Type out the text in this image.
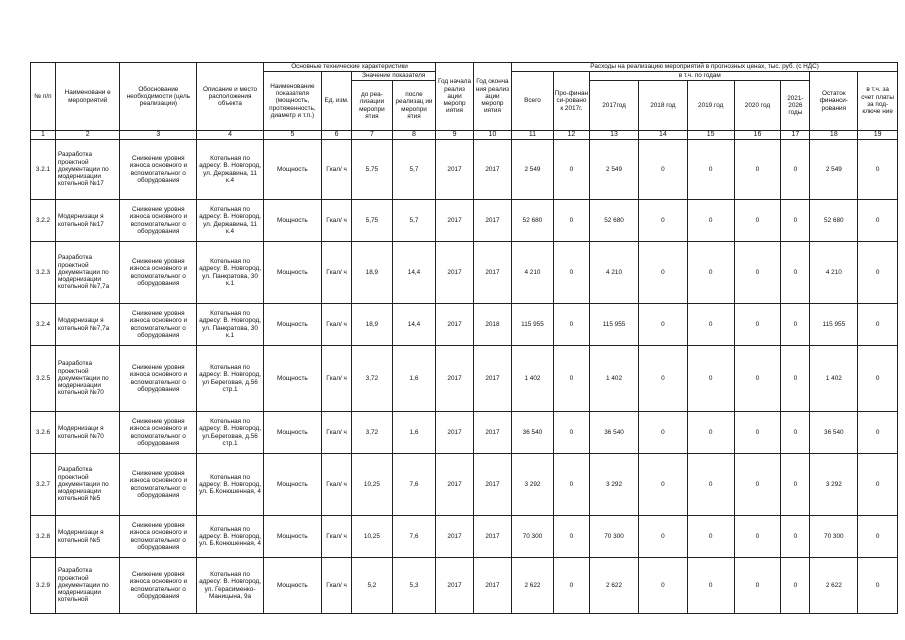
№ п/п	Наименовани е мероприятий	Обоснование необходимости (цель реализации)	Описание и место расположения объекта	Основные технические характеристики				Год начала реализ ации меропр иятия	Год оконча ния реализ ации меропр иятия	Расходы на реализацию мероприятий в прогнозных ценах, тыс. руб. (с НДС)								
				Наименование показателя (мощность, протяженность, диаметр и т.п.)	Ед. изм.	Значение показателя				Всего	Про-финан си-ровано к 2017г.	в т.ч. по годам					Остаток финанси-рования	в т.ч. за счет платы за под-ключе ние
						до реа-лизации меропри ятия	после реализац ии меропри ятия					2017год	2018 год	2019 год	2020 год	2021-2026 годы		

1	2	3	4	5	6	7	8	9	10	11	12	13	14	15	16	17	18	19
3.2.1	Разработка проектной документации по модернизации котельной №17	Снижение уровня износа основного и вспомогательног о оборудования	Котельная по адресу: В. Новгород, ул. Державина, 11 к.4	Мощность	Гкал/ ч	5,75	5,7	2017	2017	2 549	0	2 549	0	0	0	0	2 549	0
3.2.2	Модернизаци я котельной №17	Снижение уровня износа основного и вспомогательног о оборудования	Котельная по адресу: В. Новгород, ул. Державина, 11 к.4	Мощность	Гкал/ ч	5,75	5,7	2017	2017	52 680	0	52 680	0	0	0	0	52 680	0
3.2.3	Разработка проектной документации по модернизации котельной №7,7а	Снижение уровня износа основного и вспомогательног о оборудования	Котельная по адресу: В. Новгород, ул. Панкратова, 30 к.1	Мощность	Гкал/ ч	18,9	14,4	2017	2017	4 210	0	4 210	0	0	0	0	4 210	0
3.2.4	Модернизаци я котельной №7,7а	Снижение уровня износа основного и вспомогательног о оборудования	Котельная по адресу: В. Новгород, ул. Панкратова, 30 к.1	Мощность	Гкал/ ч	18,9	14,4	2017	2018	115 955	0	115 955	0	0	0	0	115 955	0
3.2.5	Разработка проектной документации по модернизации котельной №70	Снижение уровня износа основного и вспомогательног о оборудования	Котельная по адресу: В. Новгород, ул Береговая, д.56 стр.1	Мощность	Гкал/ ч	3,72	1,6	2017	2017	1 402	0	1 402	0	0	0	0	1 402	0
3.2.6	Модернизаци я котельной №70	Снижение уровня износа основного и вспомогательног о оборудования	Котельная по адресу: В. Новгород, ул.Береговая, д.56 стр.1	Мощность	Гкал/ ч	3,72	1,6	2017	2017	36 540	0	36 540	0	0	0	0	36 540	0
3.2.7	Разработка проектной документации по модернизации котельной №5	Снижение уровня износа основного и вспомогательног о оборудования	Котельная по адресу: В. Новгород, ул. Б.Конюшенная, 4	Мощность	Гкал/ ч	10,25	7,6	2017	2017	3 292	0	3 292	0	0	0	0	3 292	0
3.2.8	Модернизаци я котельной №5	Снижение уровня износа основного и вспомогательног о оборудования	Котельная по адресу: В. Новгород, ул. Б.Конюшенная, 4	Мощность	Гкал/ ч	10,25	7,6	2017	2017	70 300	0	70 300	0	0	0	0	70 300	0
3.2.9	Разработка проектной документации по модернизации котельной	Снижение уровня износа основного и вспомогательног о оборудования	Котельная по адресу: В. Новгород, ул. Герасименко-Маницына, 9а	Мощность	Гкал/ ч	5,2	5,3	2017	2017	2 622	0	2 622	0	0	0	0	2 622	0
